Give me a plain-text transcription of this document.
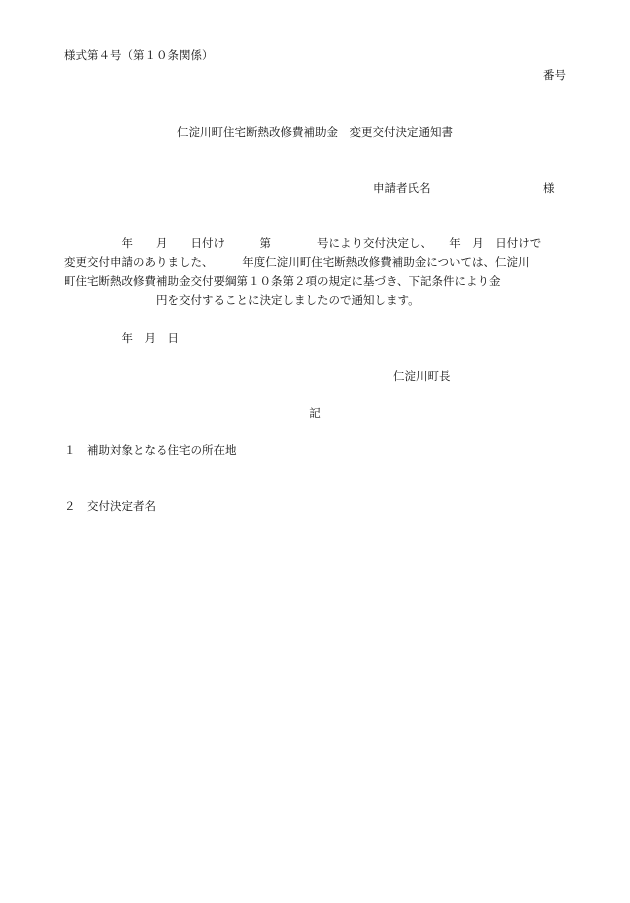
様式第４号（第１０条関係）
番号
仁淀川町住宅断熱改修費補助金　変更交付決定通知書
申請者氏名	様
　　　　　年　　月　　日付け　　　第　　　　号により交付決定し、　　年　月　日付けで
変更交付申請のありました、　　　年度仁淀川町住宅断熱改修費補助金については、仁淀川
町住宅断熱改修費補助金交付要綱第１０条第２項の規定に基づき、下記条件により金
　　　　　　　　円を交付することに決定しましたので通知します。
　　　　　年　月　日
仁淀川町長
記
１　補助対象となる住宅の所在地
２　交付決定者名
